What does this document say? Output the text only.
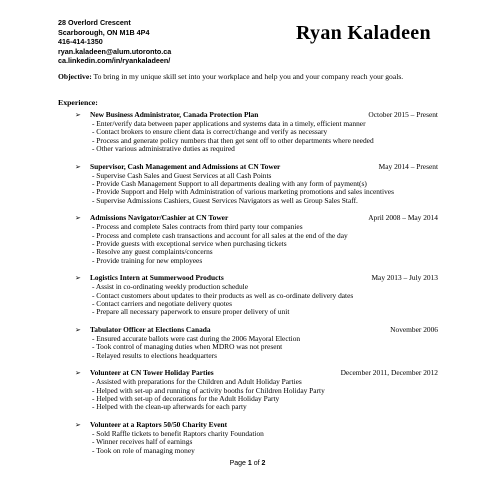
28 Overlord Crescent
Scarborough, ON M1B 4P4
416-414-1350
ryan.kaladeen@alum.utoronto.ca
ca.linkedin.com/in/ryankaladeen/
Ryan Kaladeen
Objective: To bring in my unique skill set into your workplace and help you and your company reach your goals.
Experience:
➢ New Business Administrator, Canada Protection Plan	October 2015 – Present
- Enter/verify data between paper applications and systems data in a timely, efficient manner
- Contact brokers to ensure client data is correct/change and verify as necessary
- Process and generate policy numbers that then get sent off to other departments where needed
- Other various administrative duties as required
➢ Supervisor, Cash Management and Admissions at CN Tower	May 2014 – Present
- Supervise Cash Sales and Guest Services at all Cash Points
- Provide Cash Management Support to all departments dealing with any form of payment(s)
- Provide Support and Help with Administration of various marketing promotions and sales incentives
- Supervise Admissions Cashiers, Guest Services Navigators as well as Group Sales Staff.
➢ Admissions Navigator/Cashier at CN Tower	April 2008 – May 2014
- Process and complete Sales contracts from third party tour companies
- Process and complete cash transactions and account for all sales at the end of the day
- Provide guests with exceptional service when purchasing tickets
- Resolve any guest complaints/concerns
- Provide training for new employees
➢ Logistics Intern at Summerwood Products	May 2013 – July 2013
- Assist in co-ordinating weekly production schedule
- Contact customers about updates to their products as well as co-ordinate delivery dates
- Contact carriers and negotiate delivery quotes
- Prepare all necessary paperwork to ensure proper delivery of unit
➢ Tabulator Officer at Elections Canada	November 2006
- Ensured accurate ballots were cast during the 2006 Mayoral Election
- Took control of managing duties when MDRO was not present
- Relayed results to elections headquarters
➢ Volunteer at CN Tower Holiday Parties	December 2011, December 2012
- Assisted with preparations for the Children and Adult Holiday Parties
- Helped with set-up and running of activity booths for Children Holiday Party
- Helped with set-up of decorations for the Adult Holiday Party
- Helped with the clean-up afterwards for each party
➢ Volunteer at a Raptors 50/50 Charity Event
- Sold Raffle tickets to benefit Raptors charity Foundation
- Winner receives half of earnings
- Took on role of managing money
Page 1 of 2
